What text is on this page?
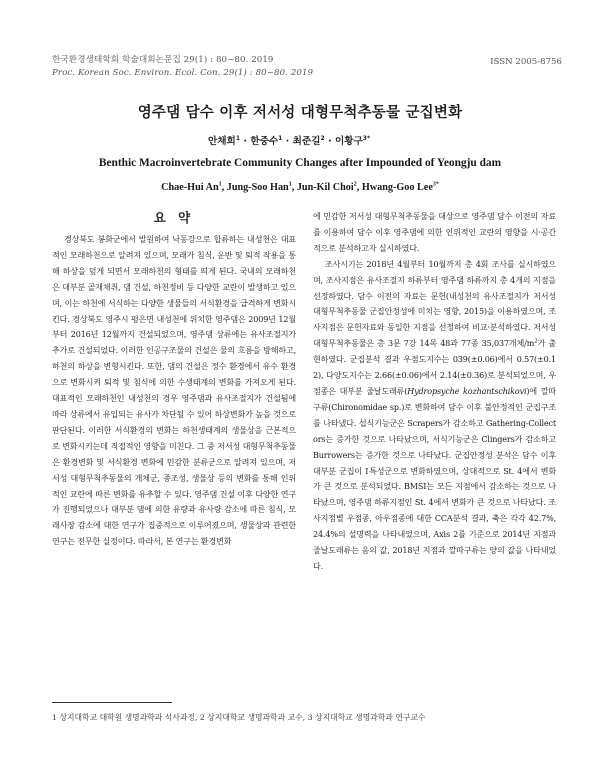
한국환경생태학회 학술대회논문집 29(1) : 80~80. 2019
Proc. Korean Soc. Environ. Ecol. Con. 29(1) : 80~80. 2019
ISSN 2005-8756
영주댐 담수 이후 저서성 대형무척추동물 군집변화
안채희$^1$ · 한중수$^1$ · 최준길$^2$ · 이황구$^{3*}$
Benthic Macroinvertebrate Community Changes after Impounded of Yeongju dam
Chae-Hui An$^1$, Jung-Soo Han$^1$, Jun-Kil Choi$^2$, Hwang-Goo Lee$^{3*}$
요 약

경상북도 봉화군에서 발원하여 낙동강으로 합류하는 내성천은 대표적인 모래하천으로 알려져 있으며, 모래가 침식, 운반 및 퇴적 작용을 통해 하상을 덮게 되면서 모래하천의 형태를 띄게 된다. 국내의 모래하천은 대부분 골재채취, 댐 건설, 하천정비 등 다양한 교란이 발생하고 있으며, 이는 하천에 서식하는 다양한 생물들의 서식환경을 급격하게 변화시킨다. 경상북도 영주시 평은면 내성천에 위치한 영주댐은 2009년 12월부터 2016년 12월까지 건설되었으며, 영주댐 상류에는 유사조절지가 추가로 건설되었다. 이러한 인공구조물의 건설은 물의 흐름을 방해하고, 하천의 하상을 변형시킨다. 또한, 댐의 건설은 정수 환경에서 유수 환경으로 변화시켜 퇴적 및 침식에 의한 수생태계의 변화를 가져오게 된다. 대표적인 모래하천인 내성천의 경우 영주댐과 유사조절지가 건설됨에 따라 상류에서 유입되는 유사가 차단될 수 있어 하상변화가 높을 것으로 판단된다. 이러한 서식환경의 변화는 하천생태계의 생물상을 근본적으로 변화시키는데 직접적인 영향을 미친다. 그 중 저서성 대형무척추동물은 환경변화 및 서식환경 변화에 민감한 분류군으로 알려져 있으며, 저서성 대형무척추동물의 개체군, 종조성, 생물상 등의 변화를 통해 인위적인 교란에 따른 변화를 유추할 수 있다. 영주댐 건설 이후 다양한 연구가 진행되었으나 대부분 댐에 의한 유량과 유사량 감소에 따른 침식, 모래사장 감소에 대한 연구가 집중적으로 이루어졌으며, 생물상과 관련한 연구는 전무한 실정이다. 따라서, 본 연구는 환경변화

에 민감한 저서성 대형무척추동물을 대상으로 영주댐 담수 이전의 자료를 이용하여 담수 이후 영주댐에 의한 인위적인 교란의 영향을 시·공간적으로 분석하고자 실시하였다.

조사시기는 2018년 4월부터 10월까지 총 4회 조사를 실시하였으며, 조사지점은 유사조절지 하류부터 영주댐 하류까지 총 4개의 지점을 선정하였다. 담수 이전의 자료는 문헌(내성천의 유사조절지가 저서성 대형무척추동물 군집안정성에 미치는 영향, 2015)을 이용하였으며, 조사지점은 문헌자료와 동일한 지점을 선정하여 비교·분석하였다. 저서성 대형무척추동물은 총 3문 7강 14목 48과 77종 35,037개체$/m^2$가 출현하였다. 군집분석 결과 우점도지수는 039(±0.06)에서 0.57(±0.12), 다양도지수는 2.66(±0.06)에서 2.14(±0.36)로 분석되었으며, 우점종은 대부분 줄날도래류(Hydropsyche kozhantschikovi)에 깔따구류(Chironomidae sp.)로 변화하여 담수 이후 불안정적인 군집구조를 나타냈다. 섭식기능군은 Scrapers가 감소하고 Gathering-Collectors는 증가한 것으로 나타났으며, 서식기능군은 Clingers가 감소하고 Burrowers는 증가한 것으로 나타났다. 군집안정성 분석은 담수 이후 대부분 군집이 Ⅰ특성군으로 변화하였으며, 상대적으로 St. 4에서 변화가 큰 것으로 분석되었다. BMSI는 모든 지점에서 감소하는 것으로 나타났으며, 영주댐 하류지점인 St. 4에서 변화가 큰 것으로 나타났다. 조사지점별 우점종, 아우점종에 대한 CCA분석 결과, 축은 각각 42.7%, 24.4%의 설명력을 나타내었으며, Axis 2를 기준으로 2014년 지점과 줄날도래류는 음의 값, 2018년 지점과 깔따구류는 양의 값을 나타내었다.

1 상지대학교 대학원 생명과학과 석사과정, 2 상지대학교 생명과학과 교수, 3 상지대학교 생명과학과 연구교수
